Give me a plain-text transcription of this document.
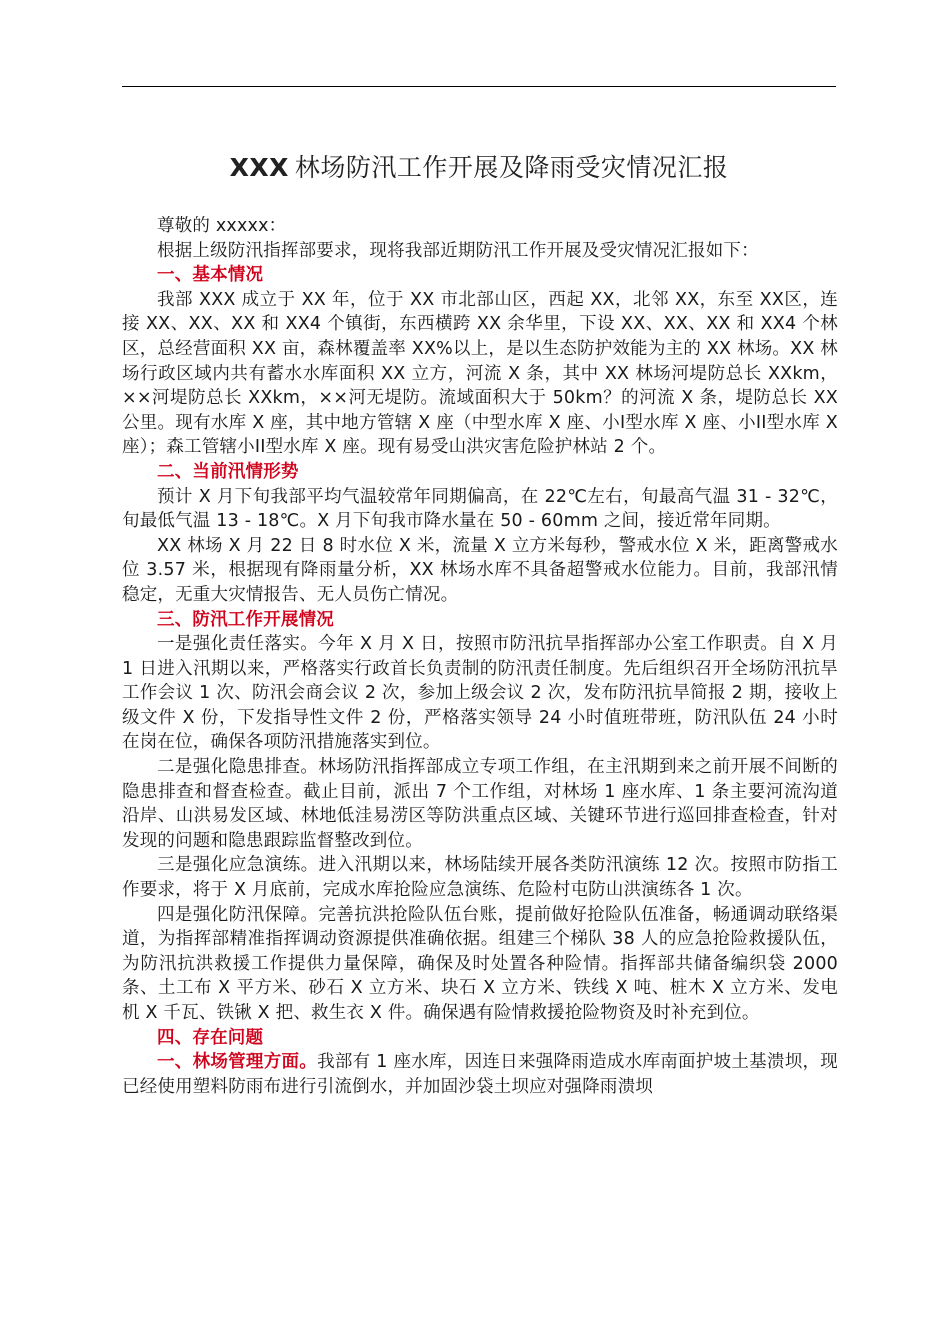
XXX 林场防汛工作开展及降雨受灾情况汇报

尊敬的 xxxxx：

根据上级防汛指挥部要求，现将我部近期防汛工作开展及受灾情况汇报如下：

一、基本情况

我部 XXX 成立于 XX 年，位于 XX 市北部山区，西起 XX，北邻 XX，东至 XX区，连接 XX、XX、XX 和 XX4 个镇街，东西横跨 XX 余华里，下设 XX、XX、XX 和 XX4 个林区，总经营面积 XX 亩，森林覆盖率 XX%以上，是以生态防护效能为主的 XX 林场。XX 林场行政区域内共有蓄水水库面积 XX 立方，河流 X 条，其中 XX 林场河堤防总长 XXkm，××河堤防总长 XXkm，××河无堤防。流域面积大于 50km？的河流 X 条，堤防总长 XX 公里。现有水库 X 座，其中地方管辖 X 座（中型水库 X 座、小I型水库 X 座、小II型水库 X 座）；森工管辖小II型水库 X 座。现有易受山洪灾害危险护林站 2 个。

二、当前汛情形势

预计 X 月下旬我部平均气温较常年同期偏高，在 22℃左右，旬最高气温 31 - 32℃，旬最低气温 13 - 18℃。X 月下旬我市降水量在 50 - 60mm 之间，接近常年同期。

XX 林场 X 月 22 日 8 时水位 X 米，流量 X 立方米每秒，警戒水位 X 米，距离警戒水位 3.57 米，根据现有降雨量分析，XX 林场水库不具备超警戒水位能力。目前，我部汛情稳定，无重大灾情报告、无人员伤亡情况。

三、防汛工作开展情况

一是强化责任落实。今年 X 月 X 日，按照市防汛抗旱指挥部办公室工作职责。自 X 月 1 日进入汛期以来，严格落实行政首长负责制的防汛责任制度。先后组织召开全场防汛抗旱工作会议 1 次、防汛会商会议 2 次，参加上级会议 2 次，发布防汛抗旱简报 2 期，接收上级文件 X 份，下发指导性文件 2 份，严格落实领导 24 小时值班带班，防汛队伍 24 小时在岗在位，确保各项防汛措施落实到位。

二是强化隐患排查。林场防汛指挥部成立专项工作组，在主汛期到来之前开展不间断的隐患排查和督查检查。截止目前，派出 7 个工作组，对林场 1 座水库、1 条主要河流沟道沿岸、山洪易发区域、林地低洼易涝区等防洪重点区域、关键环节进行巡回排查检查，针对发现的问题和隐患跟踪监督整改到位。

三是强化应急演练。进入汛期以来，林场陆续开展各类防汛演练 12 次。按照市防指工作要求，将于 X 月底前，完成水库抢险应急演练、危险村屯防山洪演练各 1 次。

四是强化防汛保障。完善抗洪抢险队伍台账，提前做好抢险队伍准备，畅通调动联络渠道，为指挥部精准指挥调动资源提供准确依据。组建三个梯队 38 人的应急抢险救援队伍，为防汛抗洪救援工作提供力量保障，确保及时处置各种险情。指挥部共储备编织袋 2000 条、土工布 X 平方米、砂石 X 立方米、块石 X 立方米、铁线 X 吨、桩木 X 立方米、发电机 X 千瓦、铁锹 X 把、救生衣 X 件。确保遇有险情救援抢险物资及时补充到位。

四、存在问题

一、林场管理方面。我部有 1 座水库，因连日来强降雨造成水库南面护坡土基溃坝，现已经使用塑料防雨布进行引流倒水，并加固沙袋土坝应对强降雨溃坝
